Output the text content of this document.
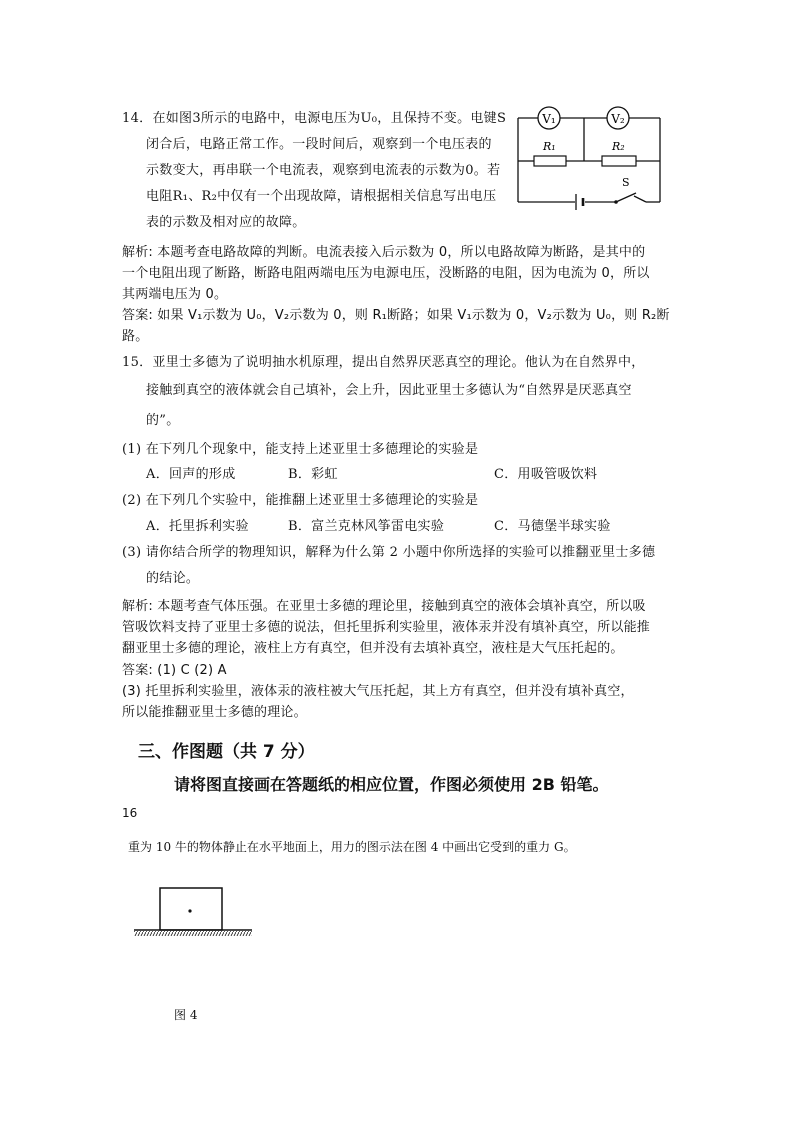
14．在如图3所示的电路中，电源电压为U₀，且保持不变。电键S
闭合后，电路正常工作。一段时间后，观察到一个电压表的
示数变大，再串联一个电流表，观察到电流表的示数为0。若
电阻R₁、R₂中仅有一个出现故障，请根据相关信息写出电压
表的示数及相对应的故障。
V₁	V₂
R₁	R₂
S
解析: 本题考查电路故障的判断。电流表接入后示数为 0，所以电路故障为断路，是其中的
一个电阻出现了断路，断路电阻两端电压为电源电压，没断路的电阻，因为电流为 0，所以
其两端电压为 0。
答案: 如果 V₁示数为 U₀，V₂示数为 0，则 R₁断路；如果 V₁示数为 0，V₂示数为 U₀，则 R₂断
路。
15．亚里士多德为了说明抽水机原理，提出自然界厌恶真空的理论。他认为在自然界中，
接触到真空的液体就会自己填补，会上升，因此亚里士多德认为“自然界是厌恶真空
的”。
(1) 在下列几个现象中，能支持上述亚里士多德理论的实验是
A．回声的形成	B．彩虹	C．用吸管吸饮料
(2) 在下列几个实验中，能推翻上述亚里士多德理论的实验是
A．托里拆利实验	B．富兰克林风筝雷电实验	C．马德堡半球实验
(3) 请你结合所学的物理知识，解释为什么第 2 小题中你所选择的实验可以推翻亚里士多德
的结论。
解析: 本题考查气体压强。在亚里士多德的理论里，接触到真空的液体会填补真空，所以吸
管吸饮料支持了亚里士多德的说法，但托里拆利实验里，液体汞并没有填补真空，所以能推
翻亚里士多德的理论，液柱上方有真空，但并没有去填补真空，液柱是大气压托起的。
答案: (1) C (2) A
(3) 托里拆利实验里，液体汞的液柱被大气压托起，其上方有真空，但并没有填补真空，
所以能推翻亚里士多德的理论。
三、作图题（共 7 分）
请将图直接画在答题纸的相应位置，作图必须使用 2B 铅笔。
16
重为 10 牛的物体静止在水平地面上，用力的图示法在图 4 中画出它受到的重力 G。
图 4
